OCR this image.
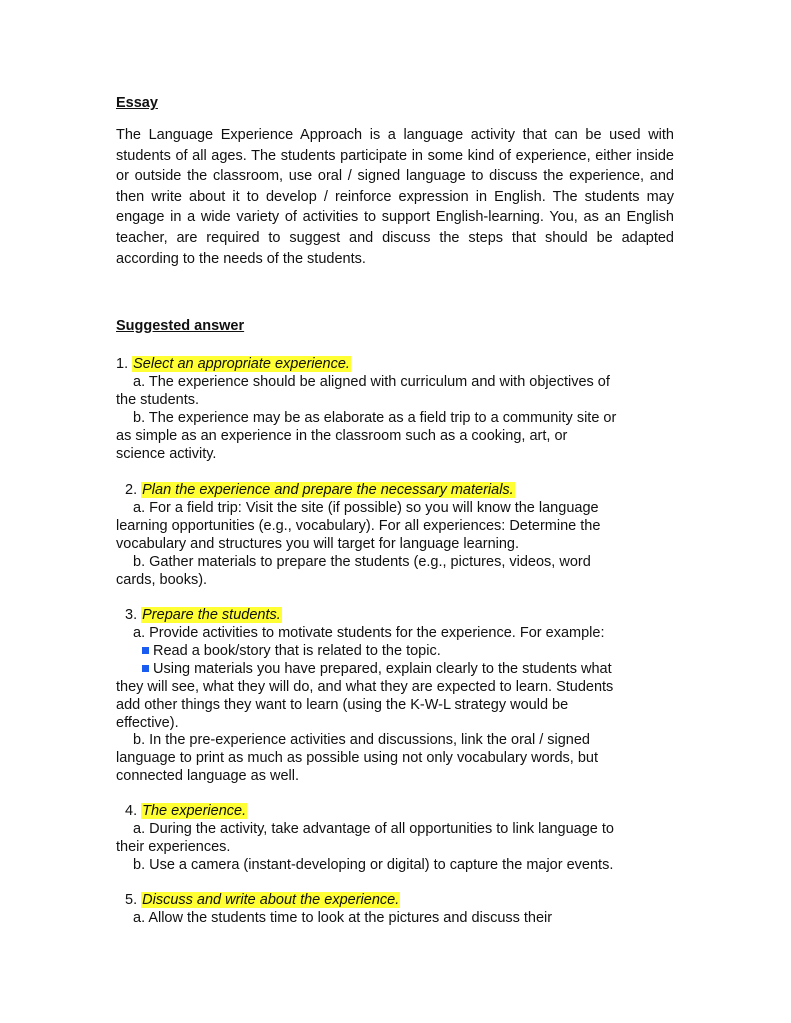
Essay

The Language Experience Approach is a language activity that can be used with students of all ages. The students participate in some kind of experience, either inside or outside the classroom, use oral / signed language to discuss the experience, and then write about it to develop / reinforce expression in English. The students may engage in a wide variety of activities to support English-learning. You, as an English teacher, are required to suggest and discuss the steps that should be adapted according to the needs of the students.

Suggested answer
1. Select an appropriate experience.
a. The experience should be aligned with curriculum and with objectives of
the students.
b. The experience may be as elaborate as a field trip to a community site or
as simple as an experience in the classroom such as a cooking, art, or
science activity.
2. Plan the experience and prepare the necessary materials.
a. For a field trip: Visit the site (if possible) so you will know the language
learning opportunities (e.g., vocabulary). For all experiences: Determine the
vocabulary and structures you will target for language learning.
b. Gather materials to prepare the students (e.g., pictures, videos, word
cards, books).
3. Prepare the students.
a. Provide activities to motivate students for the experience. For example:
Read a book/story that is related to the topic.
Using materials you have prepared, explain clearly to the students what
they will see, what they will do, and what they are expected to learn. Students
add other things they want to learn (using the K-W-L strategy would be
effective).
b. In the pre-experience activities and discussions, link the oral / signed
language to print as much as possible using not only vocabulary words, but
connected language as well.
4. The experience.
a. During the activity, take advantage of all opportunities to link language to
their experiences.
b. Use a camera (instant-developing or digital) to capture the major events.
5. Discuss and write about the experience.
a. Allow the students time to look at the pictures and discuss their
